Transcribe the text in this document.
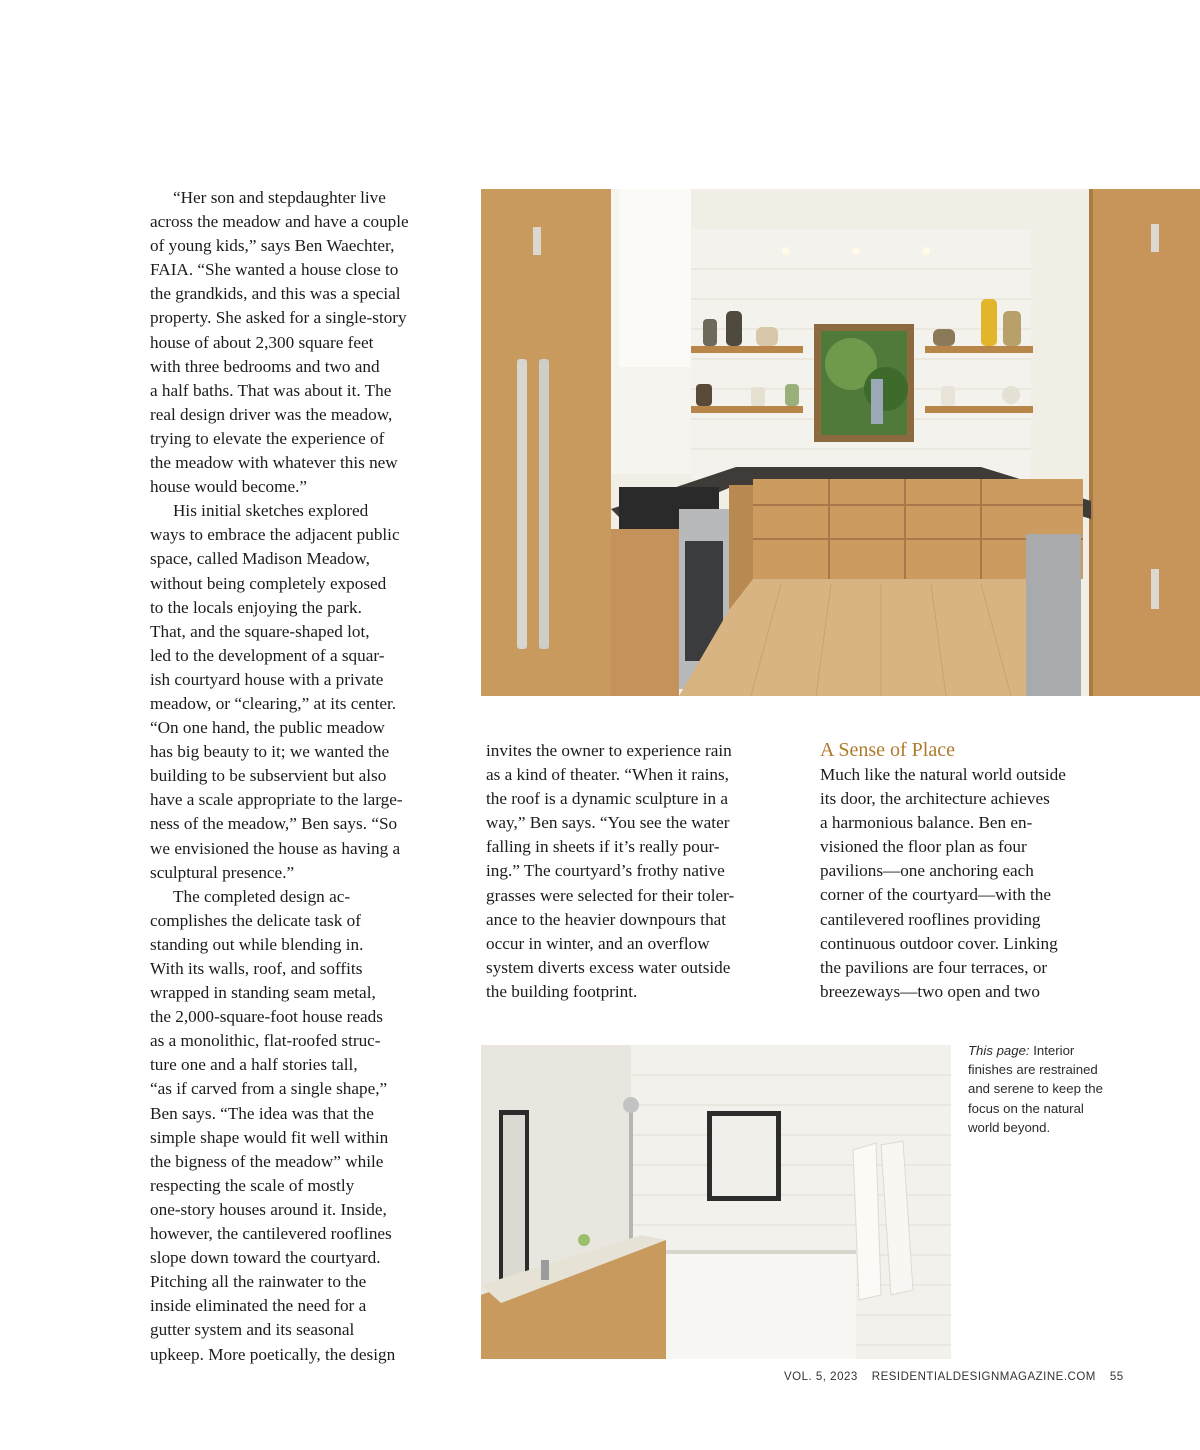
“Her son and stepdaughter live
across the meadow and have a couple
of young kids,” says Ben Waechter,
FAIA. “She wanted a house close to
the grandkids, and this was a special
property. She asked for a single-story
house of about 2,300 square feet
with three bedrooms and two and
a half baths. That was about it. The
real design driver was the meadow,
trying to elevate the experience of
the meadow with whatever this new
house would become.”
His initial sketches explored
ways to embrace the adjacent public
space, called Madison Meadow,
without being completely exposed
to the locals enjoying the park.
That, and the square-shaped lot,
led to the development of a squar-
ish courtyard house with a private
meadow, or “clearing,” at its center.
“On one hand, the public meadow
has big beauty to it; we wanted the
building to be subservient but also
have a scale appropriate to the large-
ness of the meadow,” Ben says. “So
we envisioned the house as having a
sculptural presence.”
The completed design ac-
complishes the delicate task of
standing out while blending in.
With its walls, roof, and soffits
wrapped in standing seam metal,
the 2,000-square-foot house reads
as a monolithic, flat-roofed struc-
ture one and a half stories tall,
“as if carved from a single shape,”
Ben says. “The idea was that the
simple shape would fit well within
the bigness of the meadow” while
respecting the scale of mostly
one-story houses around it. Inside,
however, the cantilevered rooflines
slope down toward the courtyard.
Pitching all the rainwater to the
inside eliminated the need for a
gutter system and its seasonal
upkeep. More poetically, the design
invites the owner to experience rain
as a kind of theater. “When it rains,
the roof is a dynamic sculpture in a
way,” Ben says. “You see the water
falling in sheets if it’s really pour-
ing.” The courtyard’s frothy native
grasses were selected for their toler-
ance to the heavier downpours that
occur in winter, and an overflow
system diverts excess water outside
the building footprint.
A Sense of Place
Much like the natural world outside
its door, the architecture achieves
a harmonious balance. Ben en-
visioned the floor plan as four
pavilions—one anchoring each
corner of the courtyard—with the
cantilevered rooflines providing
continuous outdoor cover. Linking
the pavilions are four terraces, or
breezeways—two open and two
This page: Interior
finishes are restrained
and serene to keep the
focus on the natural
world beyond.
VOL. 5, 2023 RESIDENTIALDESIGNMAGAZINE.COM 55
